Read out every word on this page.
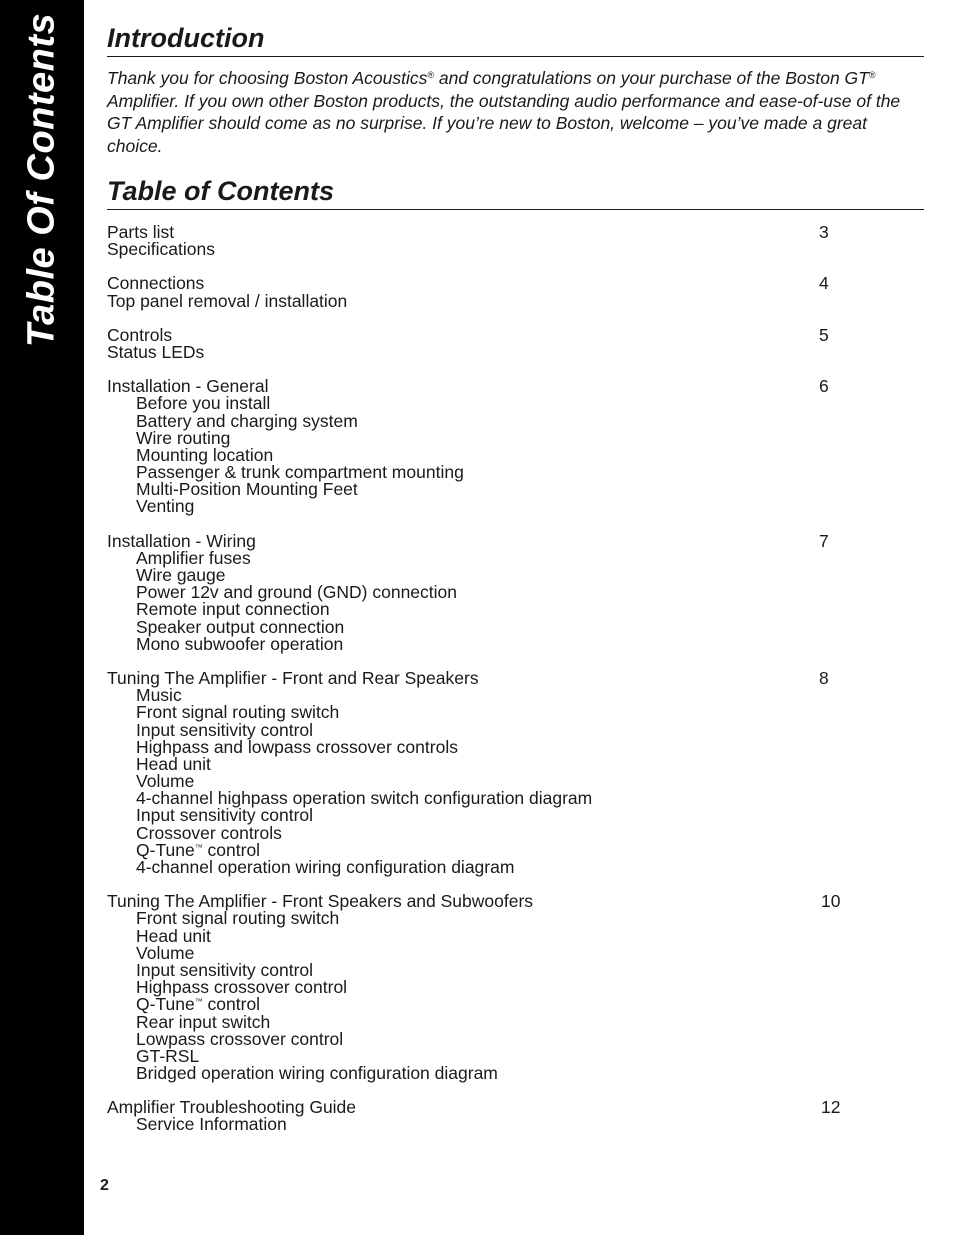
Table Of Contents Introduction

Thank you for choosing Boston Acoustics® and congratulations on your purchase of the Boston GT® Amplifier. If you own other Boston products, the outstanding audio performance and ease-of-use of the GT Amplifier should come as no surprise. If you’re new to Boston, welcome – you’ve made a great choice.

Table of Contents
Parts list	3
Specifications
Connections	4
Top panel removal / installation
Controls	5
Status LEDs
Installation - General	6
Before you install
Battery and charging system
Wire routing
Mounting location
Passenger & trunk compartment mounting
Multi-Position Mounting Feet
Venting
Installation - Wiring	7
Amplifier fuses
Wire gauge
Power 12v and ground (GND) connection
Remote input connection
Speaker output connection
Mono subwoofer operation
Tuning The Amplifier - Front and Rear Speakers	8
Music
Front signal routing switch
Input sensitivity control
Highpass and lowpass crossover controls
Head unit
Volume
4-channel highpass operation switch configuration diagram
Input sensitivity control
Crossover controls
Q-Tune™ control
4-channel operation wiring configuration diagram
Tuning The Amplifier - Front Speakers and Subwoofers	10
Front signal routing switch
Head unit
Volume
Input sensitivity control
Highpass crossover control
Q-Tune™ control
Rear input switch
Lowpass crossover control
GT-RSL
Bridged operation wiring configuration diagram
Amplifier Troubleshooting Guide	12
Service Information
2
